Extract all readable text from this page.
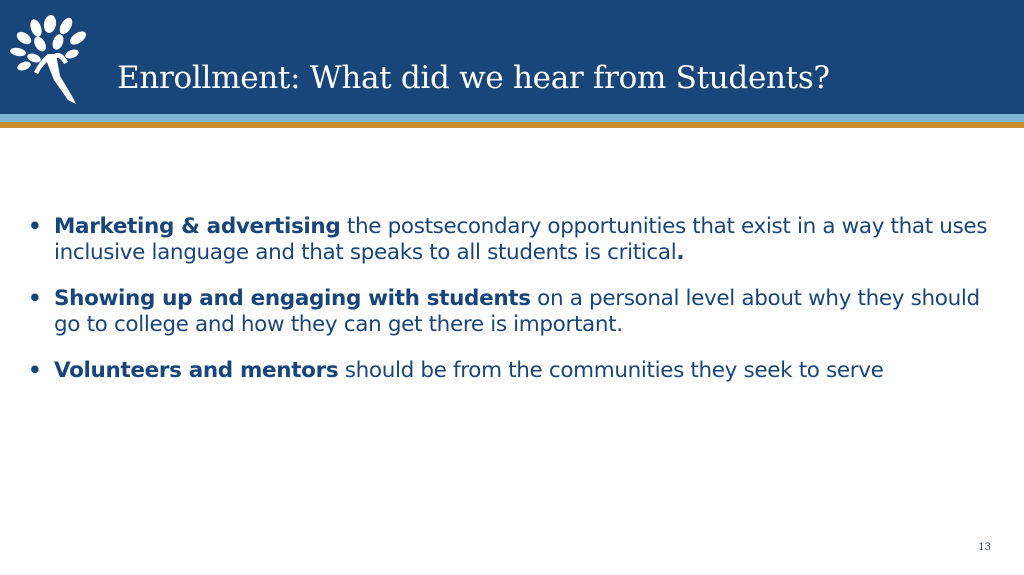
Enrollment: What did we hear from Students?
• Marketing & advertising the postsecondary opportunities that exist in a way that uses inclusive language and that speaks to all students is critical.
• Showing up and engaging with students on a personal level about why they should go to college and how they can get there is important.
• Volunteers and mentors should be from the communities they seek to serve
13
